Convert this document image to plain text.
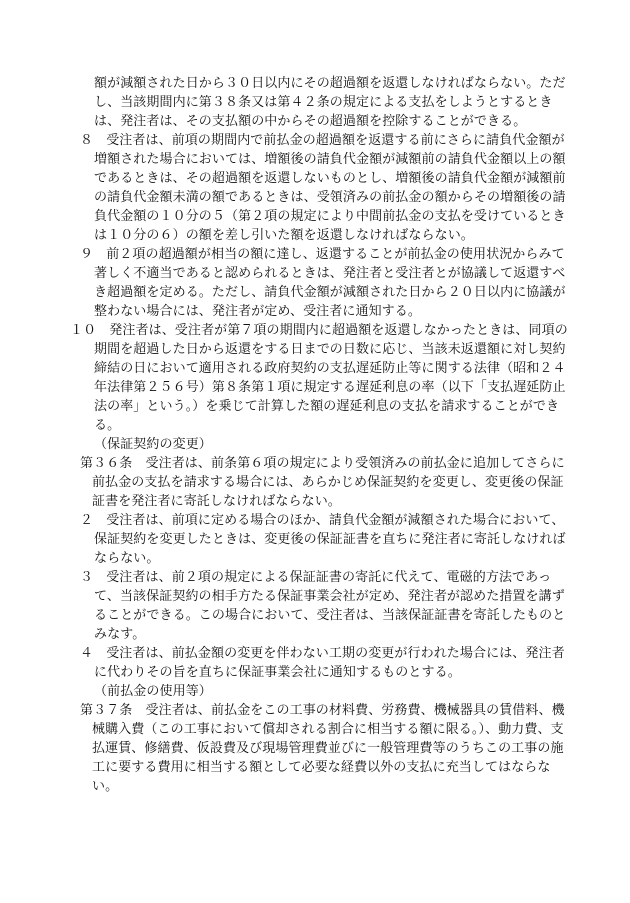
額が減額された日から３０日以内にその超過額を返還しなければならない。ただし、当該期間内に第３８条又は第４２条の規定による支払をしようとするときは、発注者は、その支払額の中からその超過額を控除することができる。

８　受注者は、前項の期間内で前払金の超過額を返還する前にさらに請負代金額が増額された場合においては、増額後の請負代金額が減額前の請負代金額以上の額であるときは、その超過額を返還しないものとし、増額後の請負代金額が減額前の請負代金額未満の額であるときは、受領済みの前払金の額からその増額後の請負代金額の１０分の５（第２項の規定により中間前払金の支払を受けているときは１０分の６）の額を差し引いた額を返還しなければならない。

９　前２項の超過額が相当の額に達し、返還することが前払金の使用状況からみて著しく不適当であると認められるときは、発注者と受注者とが協議して返還すべき超過額を定める。ただし、請負代金額が減額された日から２０日以内に協議が整わない場合には、発注者が定め、受注者に通知する。

１０　発注者は、受注者が第７項の期間内に超過額を返還しなかったときは、同項の期間を超過した日から返還をする日までの日数に応じ、当該未返還額に対し契約締結の日において適用される政府契約の支払遅延防止等に関する法律（昭和２４年法律第２５６号）第８条第１項に規定する遅延利息の率（以下「支払遅延防止法の率」という。）を乗じて計算した額の遅延利息の支払を請求することができる。

（保証契約の変更）

第３６条　受注者は、前条第６項の規定により受領済みの前払金に追加してさらに前払金の支払を請求する場合には、あらかじめ保証契約を変更し、変更後の保証証書を発注者に寄託しなければならない。

２　受注者は、前項に定める場合のほか、請負代金額が減額された場合において、保証契約を変更したときは、変更後の保証証書を直ちに発注者に寄託しなければならない。

３　受注者は、前２項の規定による保証証書の寄託に代えて、電磁的方法であって、当該保証契約の相手方たる保証事業会社が定め、発注者が認めた措置を講ずることができる。この場合において、受注者は、当該保証証書を寄託したものとみなす。

４　受注者は、前払金額の変更を伴わない工期の変更が行われた場合には、発注者に代わりその旨を直ちに保証事業会社に通知するものとする。

（前払金の使用等）

第３７条　受注者は、前払金をこの工事の材料費、労務費、機械器具の賃借料、機械購入費（この工事において償却される割合に相当する額に限る。）、動力費、支払運賃、修繕費、仮設費及び現場管理費並びに一般管理費等のうちこの工事の施工に要する費用に相当する額として必要な経費以外の支払に充当してはならない。
